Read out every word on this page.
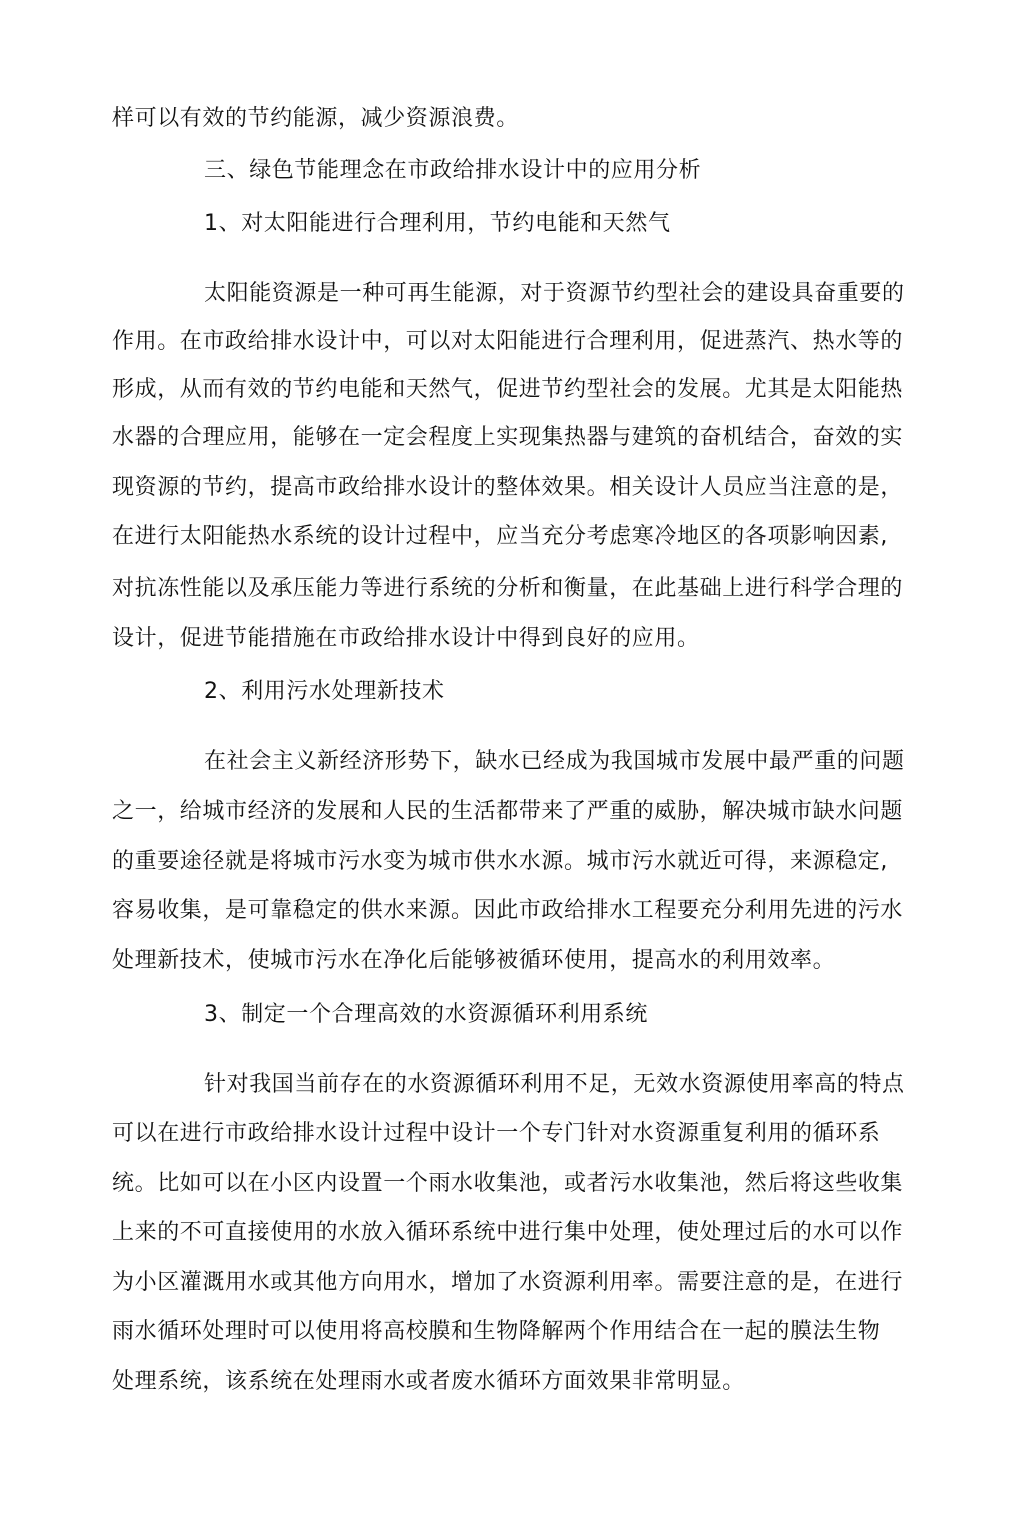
样可以有效的节约能源，减少资源浪费。
三、绿色节能理念在市政给排水设计中的应用分析
1、对太阳能进行合理利用，节约电能和天然气
太阳能资源是一种可再生能源，对于资源节约型社会的建设具奋重要的
作用。在市政给排水设计中，可以对太阳能进行合理利用，促进蒸汽、热水等的
形成，从而有效的节约电能和天然气，促进节约型社会的发展。尤其是太阳能热
水器的合理应用，能够在一定会程度上实现集热器与建筑的奋机结合，奋效的实
现资源的节约，提高市政给排水设计的整体效果。相关设计人员应当注意的是，
在进行太阳能热水系统的设计过程中，应当充分考虑寒冷地区的各项影响因素,
对抗冻性能以及承压能力等进行系统的分析和衡量，在此基础上进行科学合理的
设计，促进节能措施在市政给排水设计中得到良好的应用。
2、利用污水处理新技术
在社会主义新经济形势下，缺水已经成为我国城市发展中最严重的问题
之一，给城市经济的发展和人民的生活都带来了严重的威胁，解决城市缺水问题
的重要途径就是将城市污水变为城市供水水源。城市污水就近可得，来源稳定,
容易收集，是可靠稳定的供水来源。因此市政给排水工程要充分利用先进的污水
处理新技术，使城市污水在净化后能够被循环使用，提高水的利用效率。
3、制定一个合理高效的水资源循环利用系统
针对我国当前存在的水资源循环利用不足，无效水资源使用率高的特点
可以在进行市政给排水设计过程中设计一个专门针对水资源重复利用的循环系
统。比如可以在小区内设置一个雨水收集池，或者污水收集池，然后将这些收集
上来的不可直接使用的水放入循环系统中进行集中处理，使处理过后的水可以作
为小区灌溉用水或其他方向用水，增加了水资源利用率。需要注意的是，在进行
雨水循环处理时可以使用将高校膜和生物降解两个作用结合在一起的膜法生物
处理系统，该系统在处理雨水或者废水循环方面效果非常明显。
